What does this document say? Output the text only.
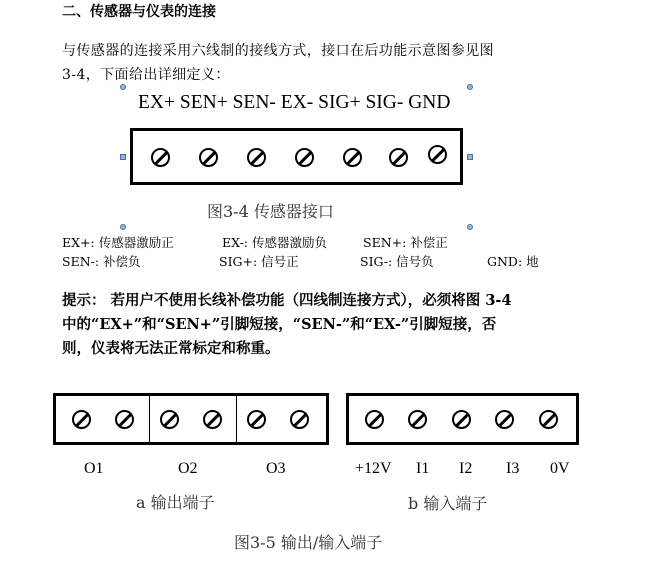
二、传感器与仪表的连接
与传感器的连接采用六线制的接线方式，接口在后功能示意图参见图
3-4，下面给出详细定义：
EX+ SEN+ SEN- EX- SIG+ SIG- GND
图3-4 传感器接口
EX+: 传感器激励正	EX-: 传感器激励负	SEN+: 补偿正
SEN-: 补偿负	SIG+: 信号正	SIG-: 信号负	GND: 地
提示： 若用户不使用长线补偿功能（四线制连接方式），必须将图 3-4
中的“EX+”和“SEN+”引脚短接，“SEN-”和“EX-”引脚短接，否
则，仪表将无法正常标定和称重。
O1	O2	O3	+12V I1 I2 I3 0V
a 输出端子	b 输入端子
图3-5 输出/输入端子
